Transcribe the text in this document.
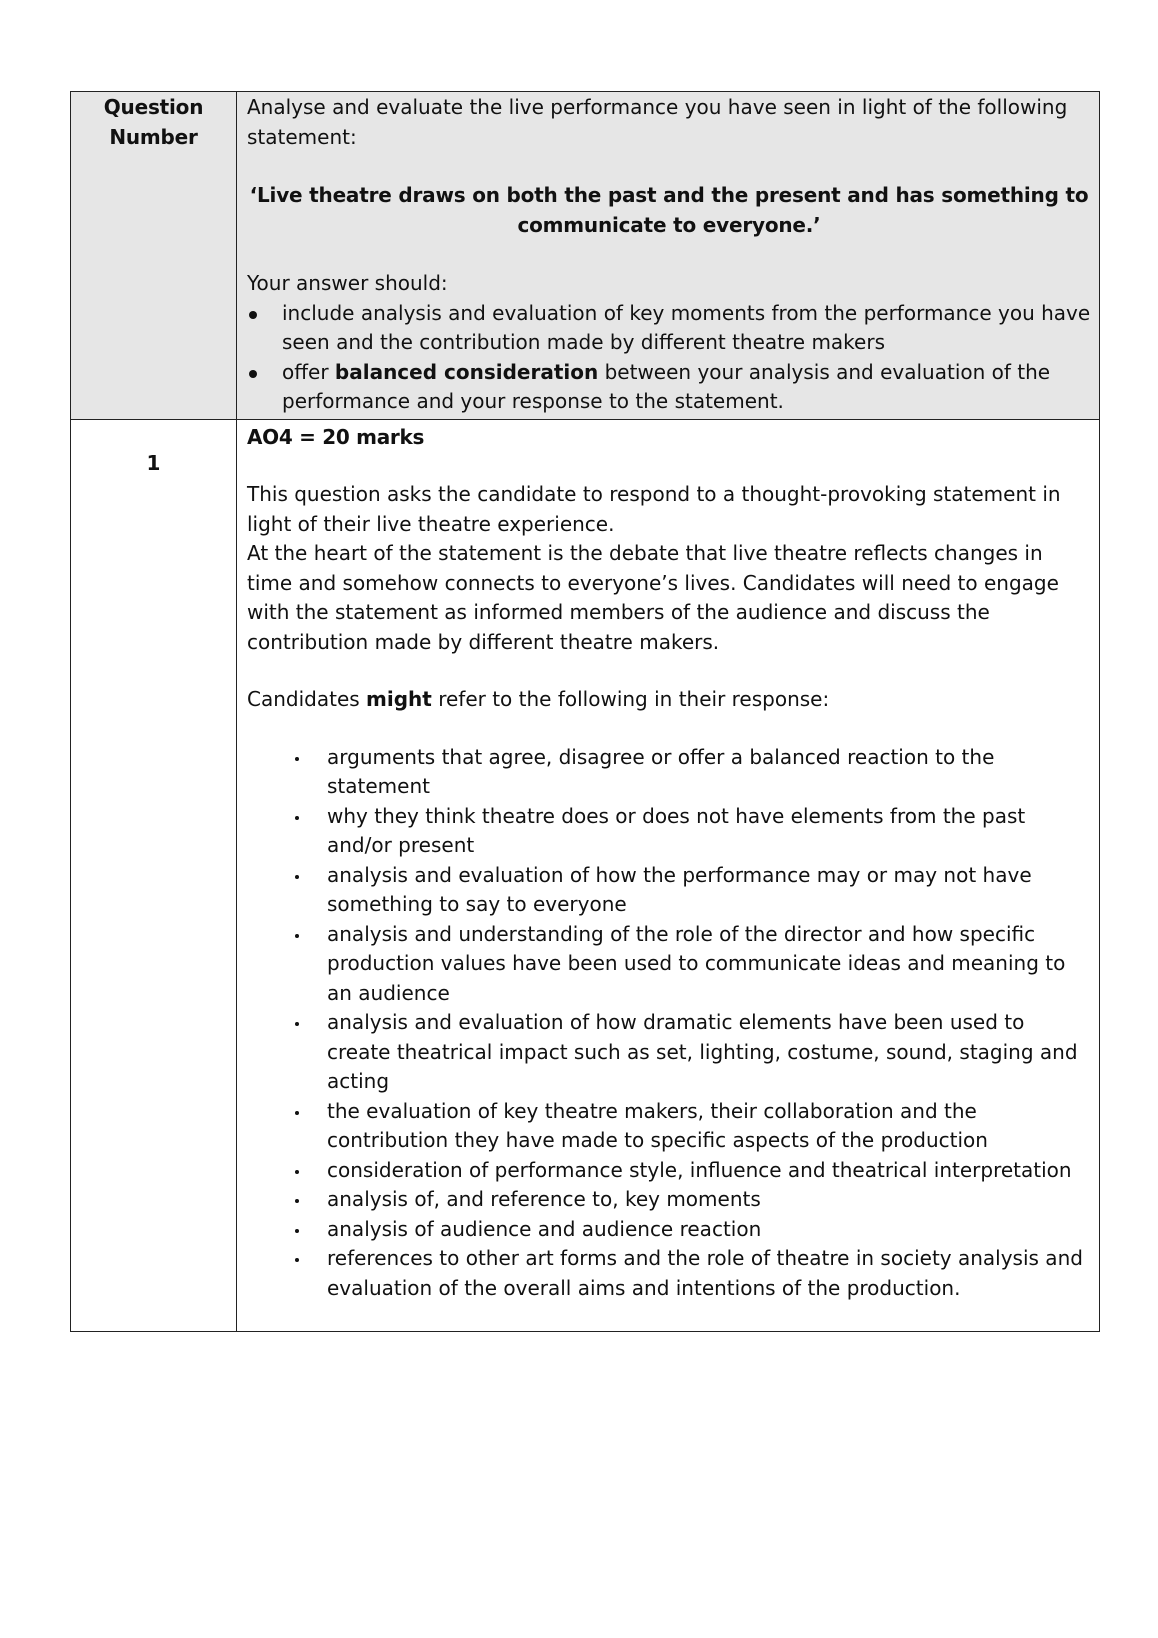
Question Number

Analyse and evaluate the live performance you have seen in light of the following statement:
‘Live theatre draws on both the past and the present and has something to communicate to everyone.’
Your answer should:
include analysis and evaluation of key moments from the performance you have seen and the contribution made by different theatre makers
offer balanced consideration between your analysis and evaluation of the performance and your response to the statement.

1

AO4 = 20 marks

This question asks the candidate to respond to a thought-provoking statement in light of their live theatre experience.

At the heart of the statement is the debate that live theatre reflects changes in time and somehow connects to everyone’s lives. Candidates will need to engage with the statement as informed members of the audience and discuss the contribution made by different theatre makers.

Candidates might refer to the following in their response:

arguments that agree, disagree or offer a balanced reaction to the statement
why they think theatre does or does not have elements from the past and/or present
analysis and evaluation of how the performance may or may not have something to say to everyone
analysis and understanding of the role of the director and how specific production values have been used to communicate ideas and meaning to an audience
analysis and evaluation of how dramatic elements have been used to create theatrical impact such as set, lighting, costume, sound, staging and acting
the evaluation of key theatre makers, their collaboration and the contribution they have made to specific aspects of the production
consideration of performance style, influence and theatrical interpretation
analysis of, and reference to, key moments
analysis of audience and audience reaction
references to other art forms and the role of theatre in society analysis and evaluation of the overall aims and intentions of the production.
